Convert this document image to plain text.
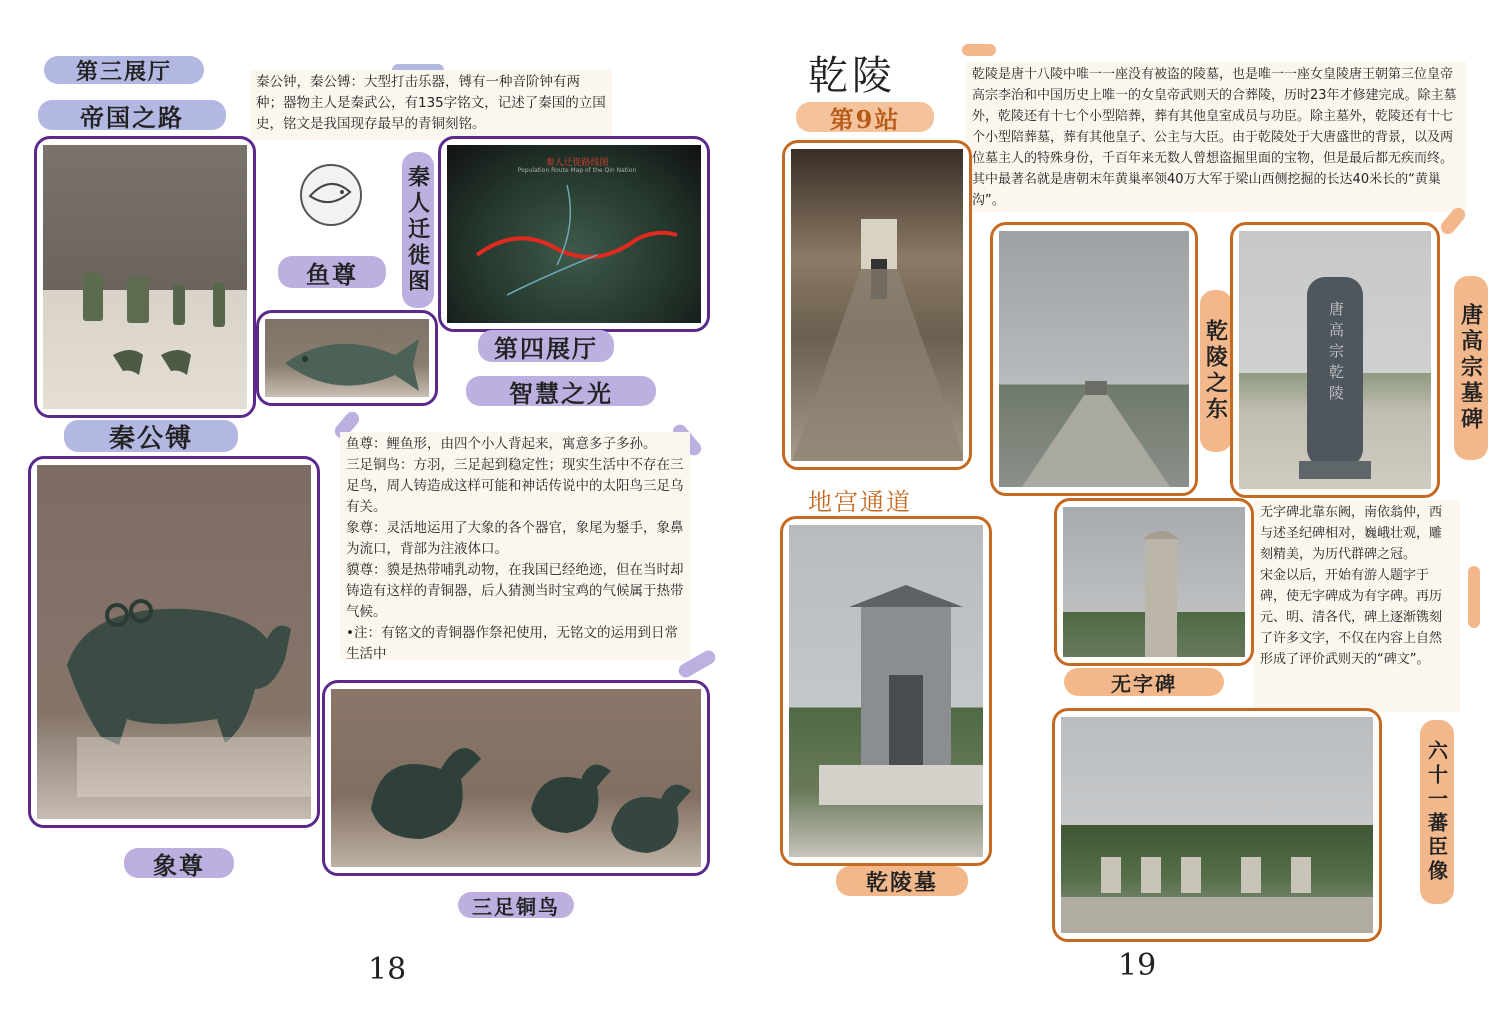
第三展厅
帝国之路

秦公钟，秦公镈：大型打击乐器，镈有一种音阶钟有两种；器物主人是秦武公，有135字铭文，记述了秦国的立国史，铭文是我国现存最早的青铜刻铭。

秦公镈
鱼尊	秦人迁徙图
秦人迁徙路线图
Population Route Map of the Qin Nation
第四展厅
智慧之光

鱼尊：鲤鱼形，由四个小人背起来，寓意多子多孙。

三足铜鸟：方羽，三足起到稳定性；现实生活中不存在三足鸟，周人铸造成这样可能和神话传说中的太阳鸟三足乌有关。

象尊：灵活地运用了大象的各个器官，象尾为鋬手，象鼻为流口，背部为注液体口。

貘尊：貘是热带哺乳动物，在我国已经绝迹，但在当时却铸造有这样的青铜器，后人猜测当时宝鸡的气候属于热带气候。

•注：有铭文的青铜器作祭祀使用，无铭文的运用到日常生活中

象尊
三足铜鸟
18
乾陵	乾陵是唐十八陵中唯一一座没有被盗的陵墓，也是唯一一座女皇陵唐王朝第三位皇帝高宗李治和中国历史上唯一的女皇帝武则天的合葬陵，历时23年才修建完成。除主墓外，乾陵还有十七个小型陪葬，葬有其他皇室成员与功臣。除主墓外，乾陵还有十七个小型陪葬墓，葬有其他皇子、公主与大臣。由于乾陵处于大唐盛世的背景，以及两位墓主人的特殊身份，千百年来无数人曾想盗掘里面的宝物，但是最后都无疾而终。其中最著名就是唐朝末年黄巢率领40万大军于梁山西侧挖掘的长达40米长的“黄巢沟”。

第9站
乾陵之东	唐高宗乾陵	唐高宗墓碑
地宫通道
乾陵墓
无字碑

无字碑北靠东阙，南依翁仲，西与述圣纪碑相对，巍峨壮观，雕刻精美，为历代群碑之冠。

宋金以后，开始有游人题字于碑，使无字碑成为有字碑。再历元、明、清各代，碑上逐渐镌刻了许多文字，不仅在内容上自然形成了评价武则天的“碑文”。

六十一蕃臣像
19
